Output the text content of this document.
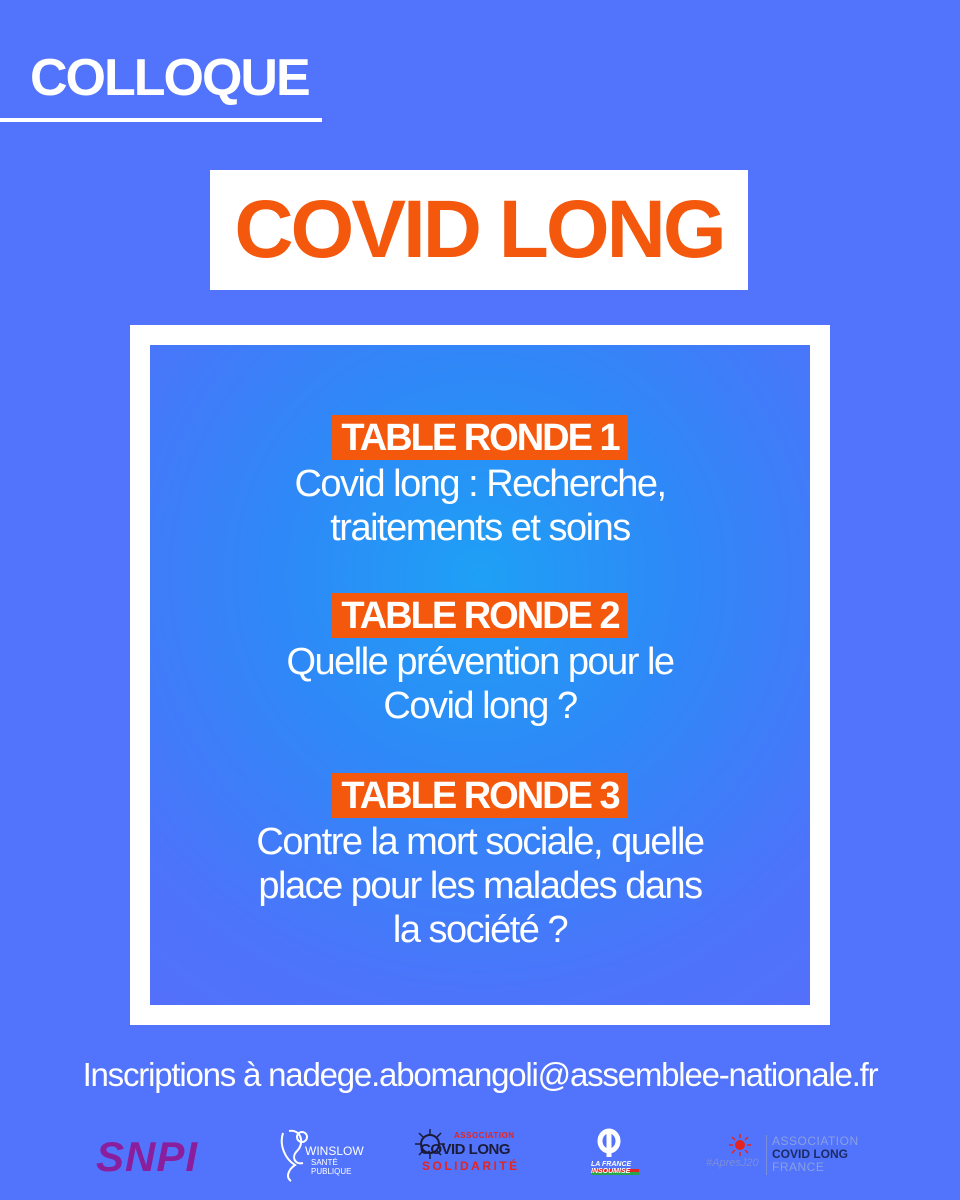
COLLOQUE
COVID LONG
TABLE RONDE 1
Covid long : Recherche,
traitements et soins
TABLE RONDE 2
Quelle prévention pour le
Covid long ?
TABLE RONDE 3
Contre la mort sociale, quelle
place pour les malades dans
la société ?
Inscriptions à nadege.abomangoli@assemblee-nationale.fr
SNPI	WINSLOW
SANTÉ
PUBLIQUE
ASSOCIATION
COVID LONG
SOLIDARITÉ	LA FRANCE
INSOUMISE
#ApresJ20
ASSOCIATION
COVID LONG
FRANCE
